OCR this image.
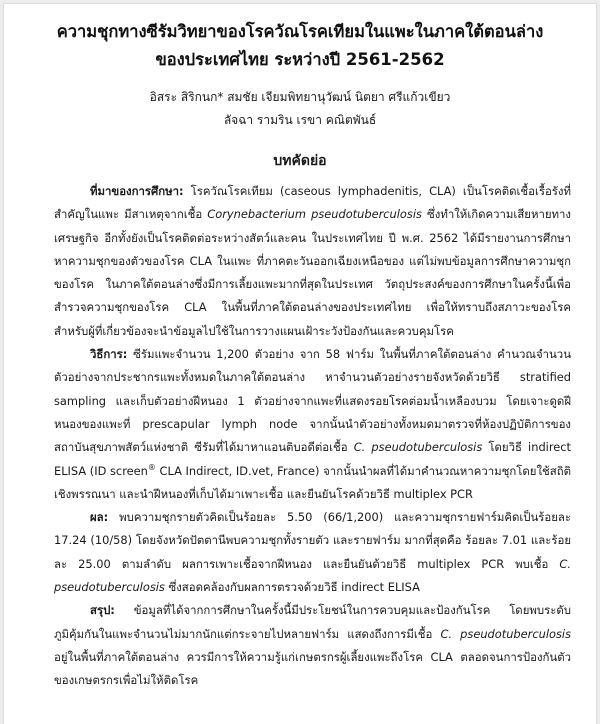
ความชุกทางซีรัมวิทยาของโรควัณโรคเทียมในแพะในภาคใต้ตอนล่าง
ของประเทศไทย ระหว่างปี 2561-2562
อิสระ สิริกนก* สมชัย เจียมพิทยานุวัฒน์ นิตยา ศรีแก้วเขียว
ลัจฉา รามริน เรขา คณิตพันธ์
บทคัดย่อ

ที่มาของการศึกษา: โรควัณโรคเทียม (caseous lymphadenitis, CLA) เป็นโรคติดเชื้อเรื้อรังที่สำคัญในแพะ มีสาเหตุจากเชื้อ Corynebacterium pseudotuberculosis ซึ่งทำให้เกิดความเสียหายทางเศรษฐกิจ อีกทั้งยังเป็นโรคติดต่อระหว่างสัตว์และคน ในประเทศไทย ปี พ.ศ. 2562 ได้มีรายงานการศึกษาหาความชุกของตัวของโรค CLA ในแพะ ที่ภาคตะวันออกเฉียงเหนือของ แต่ไม่พบข้อมูลการศึกษาความชุกของโรค ในภาคใต้ตอนล่างซึ่งมีการเลี้ยงแพะมากที่สุดในประเทศ วัตถุประสงค์ของการศึกษาในครั้งนี้เพื่อสำรวจความชุกของโรค CLA ในพื้นที่ภาคใต้ตอนล่างของประเทศไทย เพื่อให้ทราบถึงสภาวะของโรค สำหรับผู้ที่เกี่ยวข้องจะนำข้อมูลไปใช้ในการวางแผนเฝ้าระวังป้องกันและควบคุมโรค

วิธีการ: ซีรัมแพะจำนวน 1,200 ตัวอย่าง จาก 58 ฟาร์ม ในพื้นที่ภาคใต้ตอนล่าง คำนวณจำนวนตัวอย่างจากประชากรแพะทั้งหมดในภาคใต้ตอนล่าง หาจำนวนตัวอย่างรายจังหวัดด้วยวิธี stratified sampling และเก็บตัวอย่างฝีหนอง 1 ตัวอย่างจากแพะที่แสดงรอยโรคต่อมน้ำเหลืองบวม โดยเจาะดูดฝีหนองของแพะที่ prescapular lymph node จากนั้นนำตัวอย่างทั้งหมดมาตรวจที่ห้องปฏิบัติการของสถาบันสุขภาพสัตว์แห่งชาติ ซีรัมที่ได้มาหาแอนติบอดีต่อเชื้อ C. pseudotuberculosis โดยวิธี indirect ELISA (ID screen® CLA Indirect, ID.vet, France) จากนั้นนำผลที่ได้มาคำนวณหาความชุกโดยใช้สถิติเชิงพรรณนา และนำฝีหนองที่เก็บได้มาเพาะเชื้อ และยืนยันโรคด้วยวิธี multiplex PCR

ผล: พบความชุกรายตัวคิดเป็นร้อยละ 5.50 (66/1,200) และความชุกรายฟาร์มคิดเป็นร้อยละ 17.24 (10/58) โดยจังหวัดปัตตานีพบความชุกทั้งรายตัว และรายฟาร์ม มากที่สุดคือ ร้อยละ 7.01 และร้อยละ 25.00 ตามลำดับ ผลการเพาะเชื้อจากฝีหนอง และยืนยันด้วยวิธี multiplex PCR พบเชื้อ C. pseudotuberculosis ซึ่งสอดคล้องกับผลการตรวจด้วยวิธี indirect ELISA

สรุป: ข้อมูลที่ได้จากการศึกษาในครั้งนี้มีประโยชน์ในการควบคุมและป้องกันโรค โดยพบระดับภูมิคุ้มกันในแพะจำนวนไม่มากนักแต่กระจายไปหลายฟาร์ม แสดงถึงการมีเชื้อ C. pseudotuberculosis อยู่ในพื้นที่ภาคใต้ตอนล่าง ควรมีการให้ความรู้แก่เกษตรกรผู้เลี้ยงแพะถึงโรค CLA ตลอดจนการป้องกันตัวของเกษตรกรเพื่อไม่ให้ติดโรค
